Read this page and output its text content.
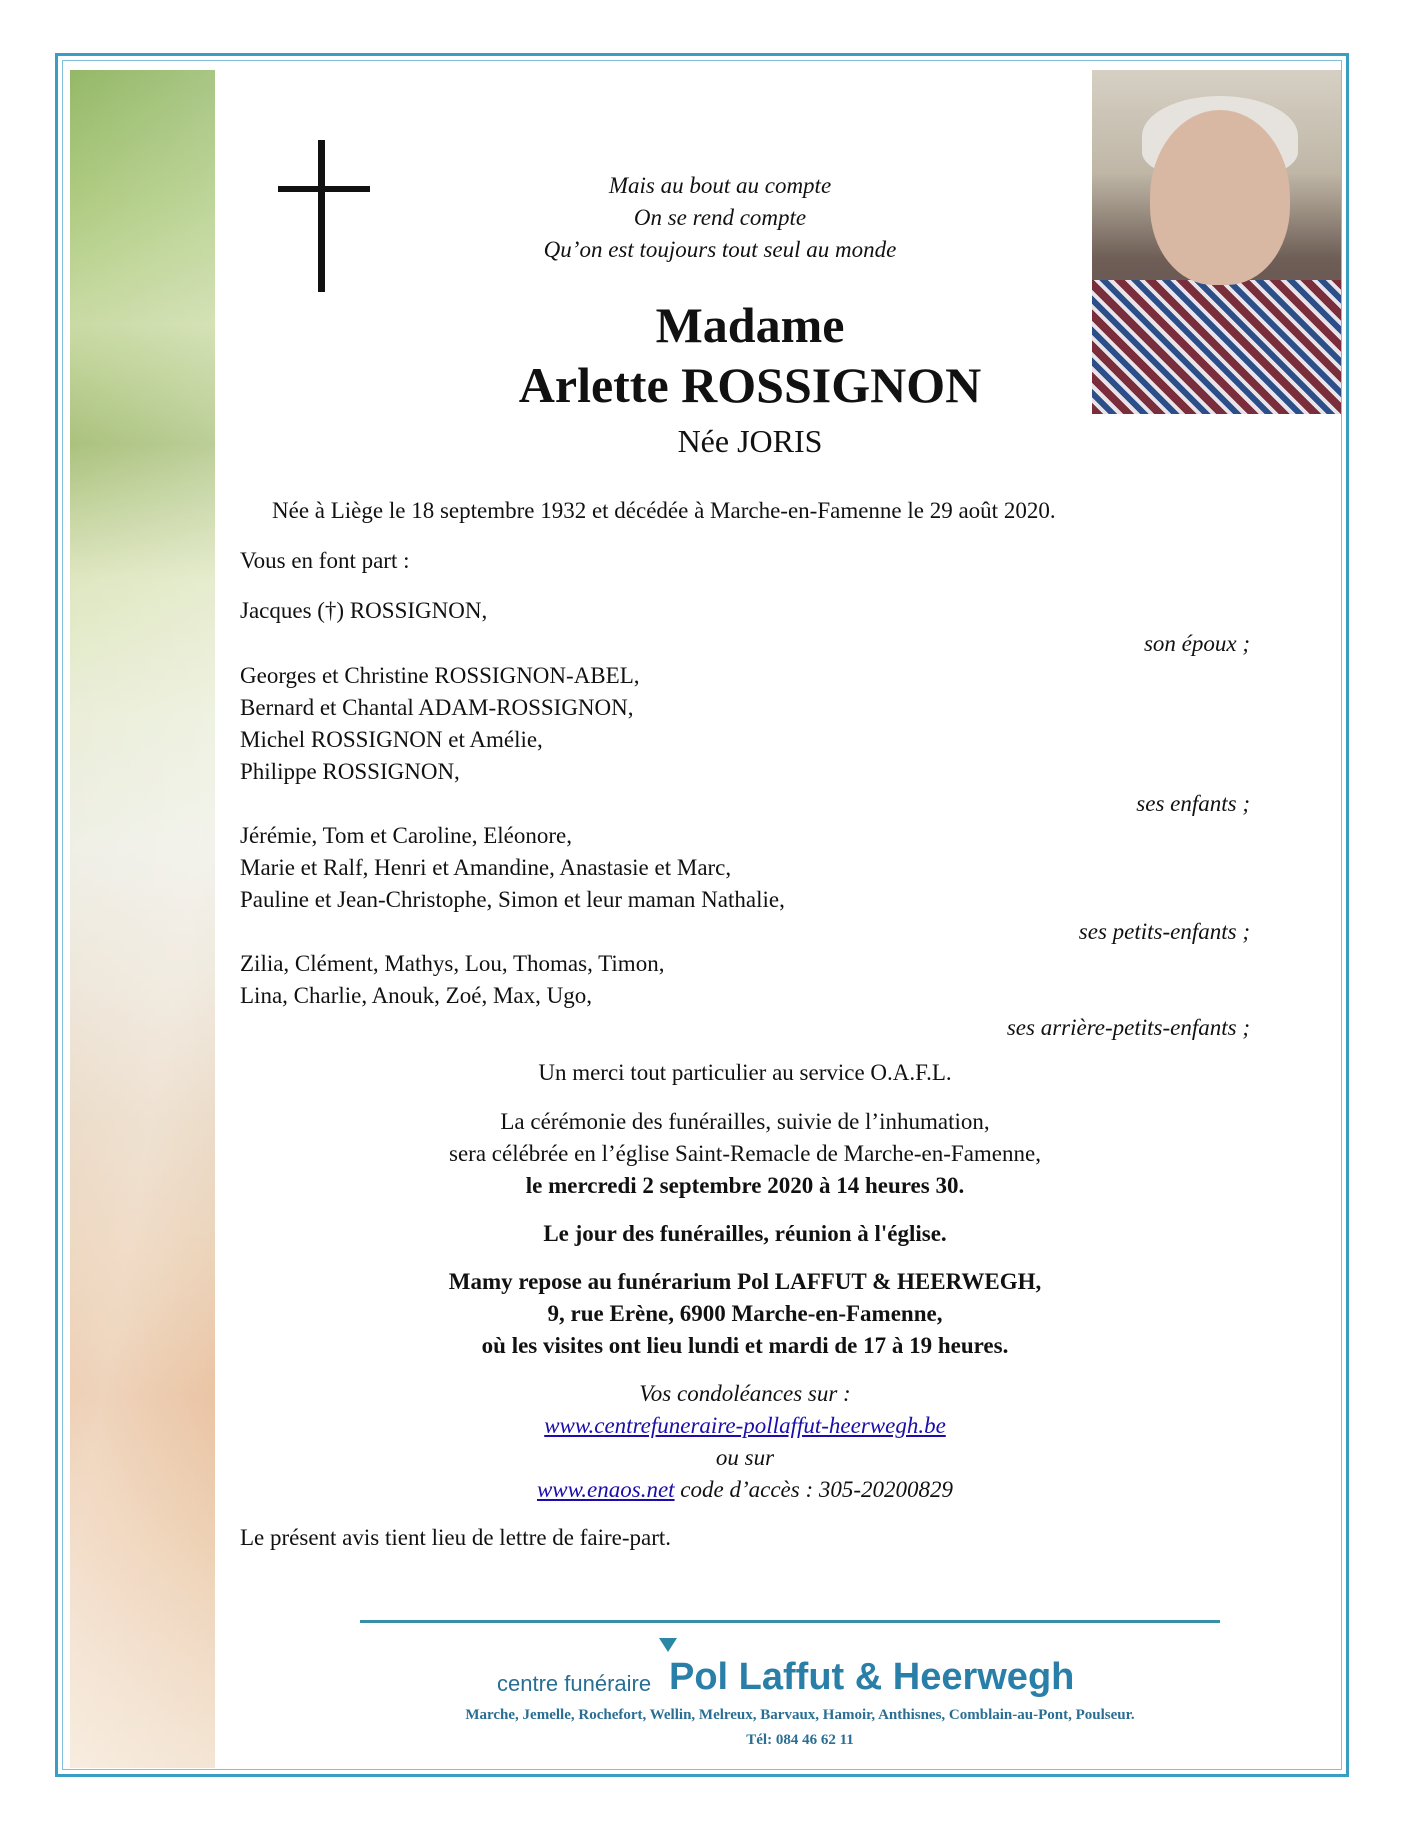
Mais au bout au compte
On se rend compte
Qu’on est toujours tout seul au monde
Madame
Arlette ROSSIGNON
Née JORIS
Née à Liège le 18 septembre 1932 et décédée à Marche-en-Famenne le 29 août 2020.
Vous en font part :
Jacques (†) ROSSIGNON,
son époux ;
Georges et Christine ROSSIGNON-ABEL,
Bernard et Chantal ADAM-ROSSIGNON,
Michel ROSSIGNON et Amélie,
Philippe ROSSIGNON,
ses enfants ;
Jérémie, Tom et Caroline, Eléonore,
Marie et Ralf, Henri et Amandine, Anastasie et Marc,
Pauline et Jean-Christophe, Simon et leur maman Nathalie,
ses petits-enfants ;
Zilia, Clément, Mathys, Lou, Thomas, Timon,
Lina, Charlie, Anouk, Zoé, Max, Ugo,
ses arrière-petits-enfants ;
Un merci tout particulier au service O.A.F.L.
La cérémonie des funérailles, suivie de l’inhumation,
sera célébrée en l’église Saint-Remacle de Marche-en-Famenne,
le mercredi 2 septembre 2020 à 14 heures 30.
Le jour des funérailles, réunion à l'église.
Mamy repose au funérarium Pol LAFFUT & HEERWEGH,
9, rue Erène, 6900 Marche-en-Famenne,
où les visites ont lieu lundi et mardi de 17 à 19 heures.
Vos condoléances sur :
www.centrefuneraire-pollaffut-heerwegh.be
ou sur
www.enaos.net code d’accès : 305-20200829
Le présent avis tient lieu de lettre de faire-part.
centre funéraire Pol Laffut & Heerwegh
Marche, Jemelle, Rochefort, Wellin, Melreux, Barvaux, Hamoir, Anthisnes, Comblain-au-Pont, Poulseur.
Tél: 084 46 62 11
